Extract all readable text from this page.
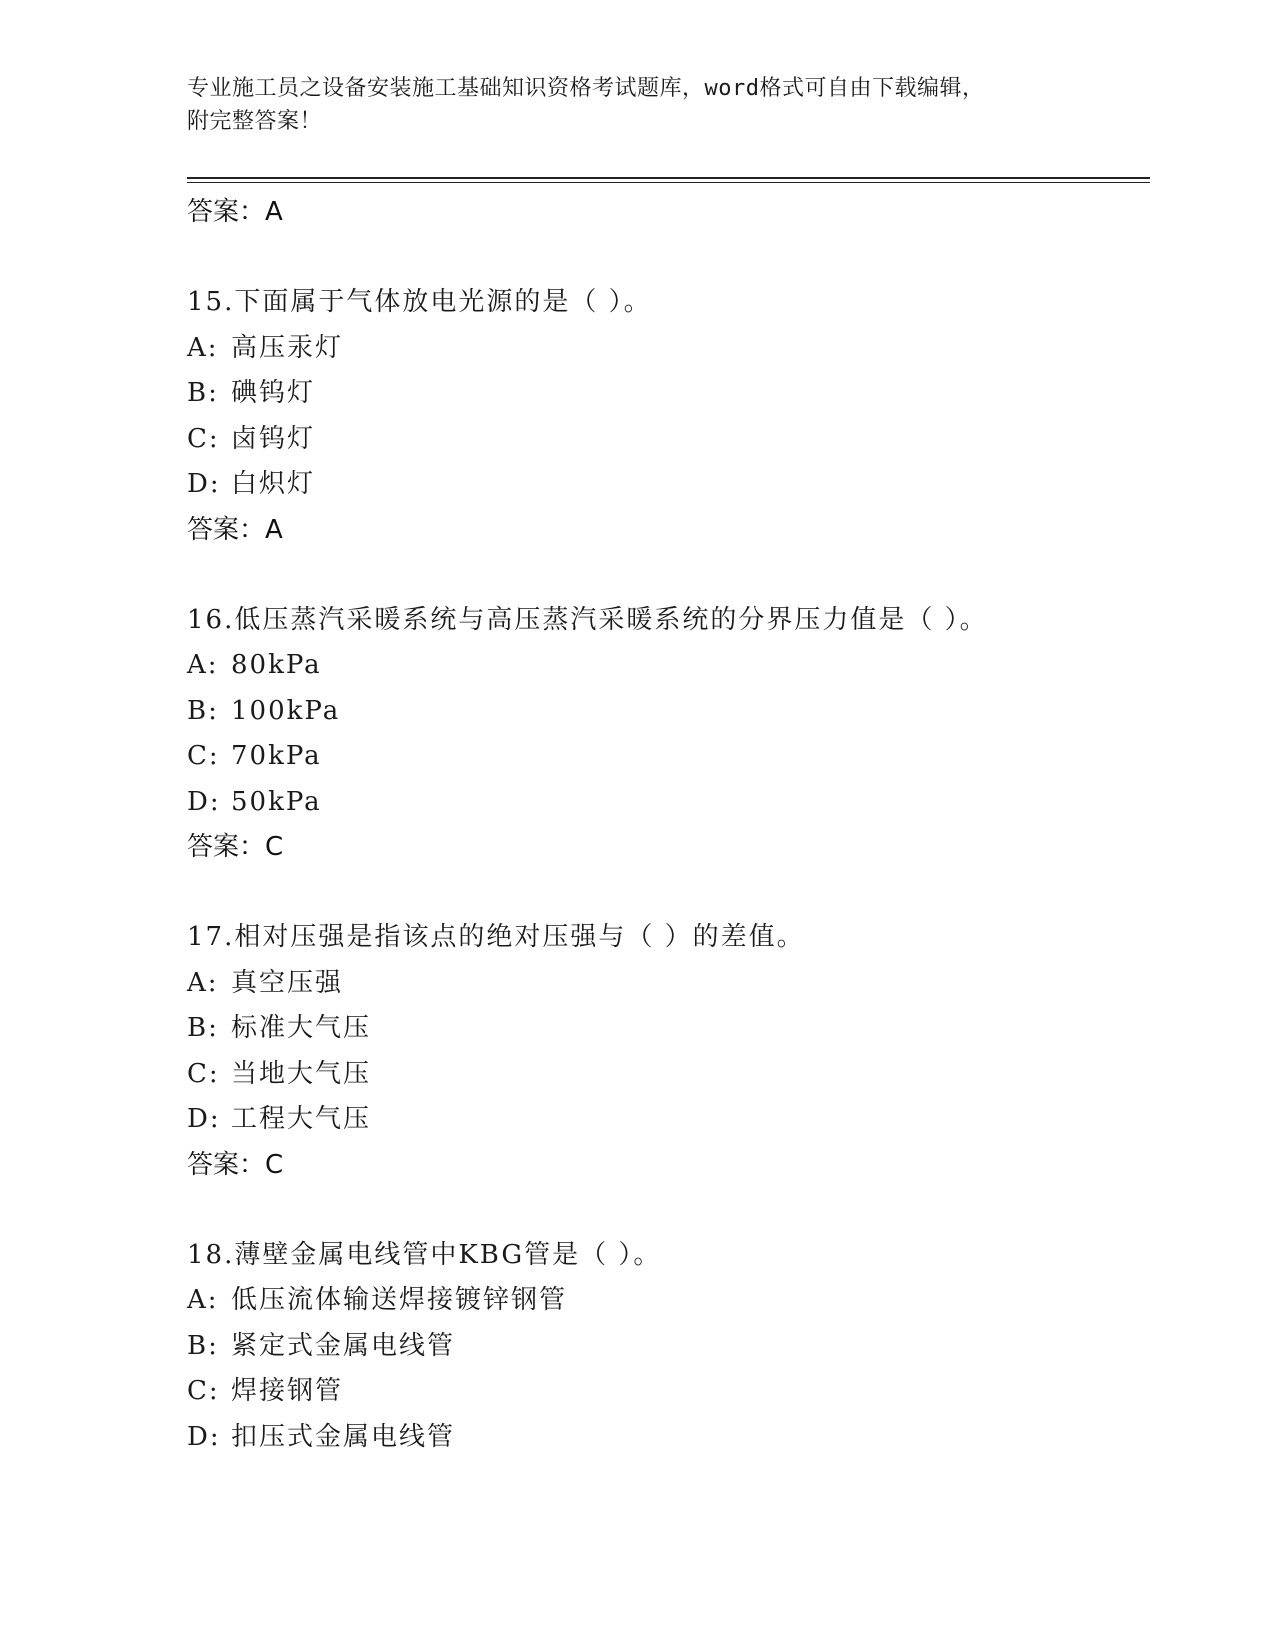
专业施工员之设备安装施工基础知识资格考试题库，word格式可自由下载编辑，
附完整答案！
答案：A
15.下面属于气体放电光源的是（ ）。
A: 高压汞灯
B: 碘钨灯
C: 卤钨灯
D: 白炽灯
答案：A
16.低压蒸汽采暖系统与高压蒸汽采暖系统的分界压力值是（ ）。
A: 80kPa
B: 100kPa
C: 70kPa
D: 50kPa
答案：C
17.相对压强是指该点的绝对压强与（ ）的差值。
A: 真空压强
B: 标准大气压
C: 当地大气压
D: 工程大气压
答案：C
18.薄壁金属电线管中KBG管是（ ）。
A: 低压流体输送焊接镀锌钢管
B: 紧定式金属电线管
C: 焊接钢管
D: 扣压式金属电线管
